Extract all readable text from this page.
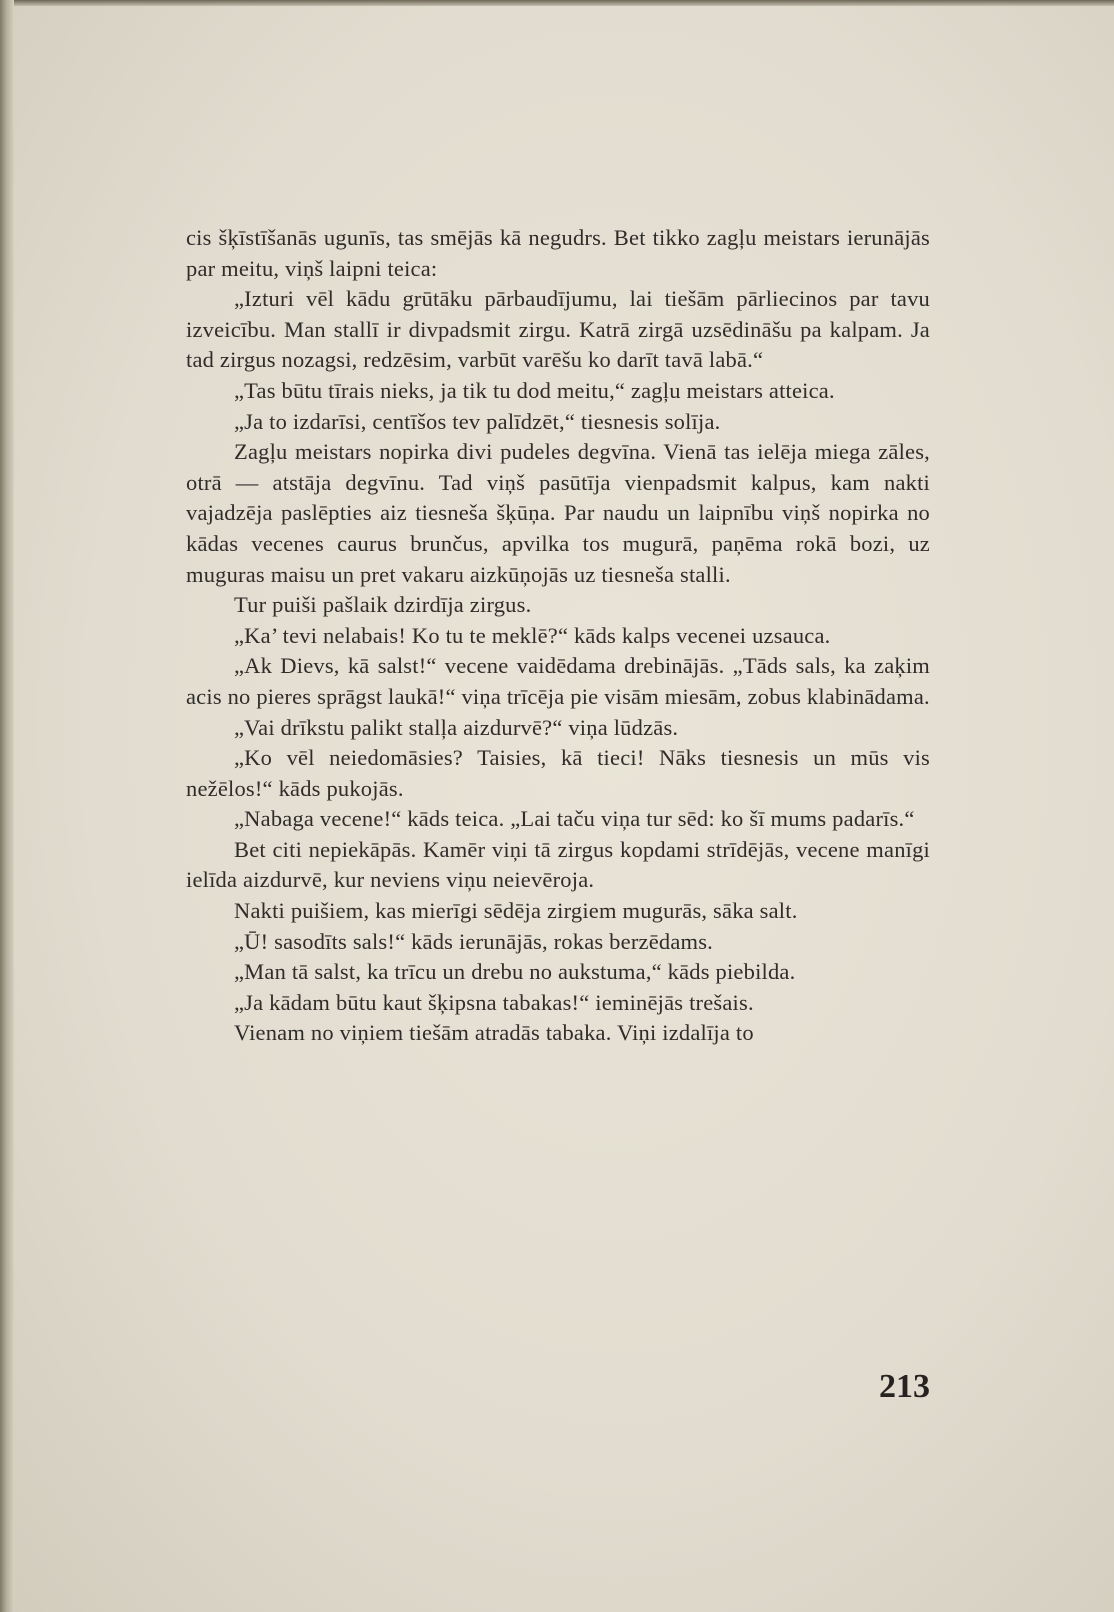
cis šķīstīšanās ugunīs, tas smējās kā negudrs. Bet tikko zagļu meistars ierunājās par meitu, viņš laipni teica:

„Izturi vēl kādu grūtāku pārbaudījumu, lai tiešām pārliecinos par tavu izveicību. Man stallī ir divpadsmit zirgu. Katrā zirgā uzsēdināšu pa kalpam. Ja tad zirgus nozagsi, redzēsim, varbūt varēšu ko darīt tavā labā.“

„Tas būtu tīrais nieks, ja tik tu dod meitu,“ zagļu meistars atteica.

„Ja to izdarīsi, centīšos tev palīdzēt,“ tiesnesis solīja.

Zagļu meistars nopirka divi pudeles degvīna. Vienā tas ielēja miega zāles, otrā — atstāja degvīnu. Tad viņš pasūtīja vienpadsmit kalpus, kam nakti vajadzēja paslēpties aiz tiesneša šķūņa. Par naudu un laipnību viņš nopirka no kādas vecenes caurus brunčus, apvilka tos mugurā, paņēma rokā bozi, uz muguras maisu un pret vakaru aizkūņojās uz tiesneša stalli.

Tur puiši pašlaik dzirdīja zirgus.

„Ka’ tevi nelabais! Ko tu te meklē?“ kāds kalps vecenei uzsauca.

„Ak Dievs, kā salst!“ vecene vaidēdama drebināјās. „Tāds sals, ka zaķim acis no pieres sprāgst laukā!“ viņa trīcēja pie visām miesām, zobus klabinādama.

„Vai drīkstu palikt stalļa aizdurvē?“ viņa lūdzās.

„Ko vēl neiedomāsies? Taisies, kā tieci! Nāks tiesnesis un mūs vis nežēlos!“ kāds pukojās.

„Nabaga vecene!“ kāds teica. „Lai taču viņa tur sēd: ko šī mums padarīs.“

Bet citi nepiekāpās. Kamēr viņi tā zirgus kopdami strīdējās, vecene manīgi ielīda aizdurvē, kur neviens viņu neievēroja.

Nakti puišiem, kas mierīgi sēdēja zirgiem mugurās, sāka salt.

„Ū! sasodīts sals!“ kāds ierunājās, rokas berzēdams.

„Man tā salst, ka trīcu un drebu no aukstuma,“ kāds piebilda.

„Ja kādam būtu kaut šķipsna tabakas!“ ieminējās trešais.

Vienam no viņiem tiešām atradās tabaka. Viņi izdalīja to

213
